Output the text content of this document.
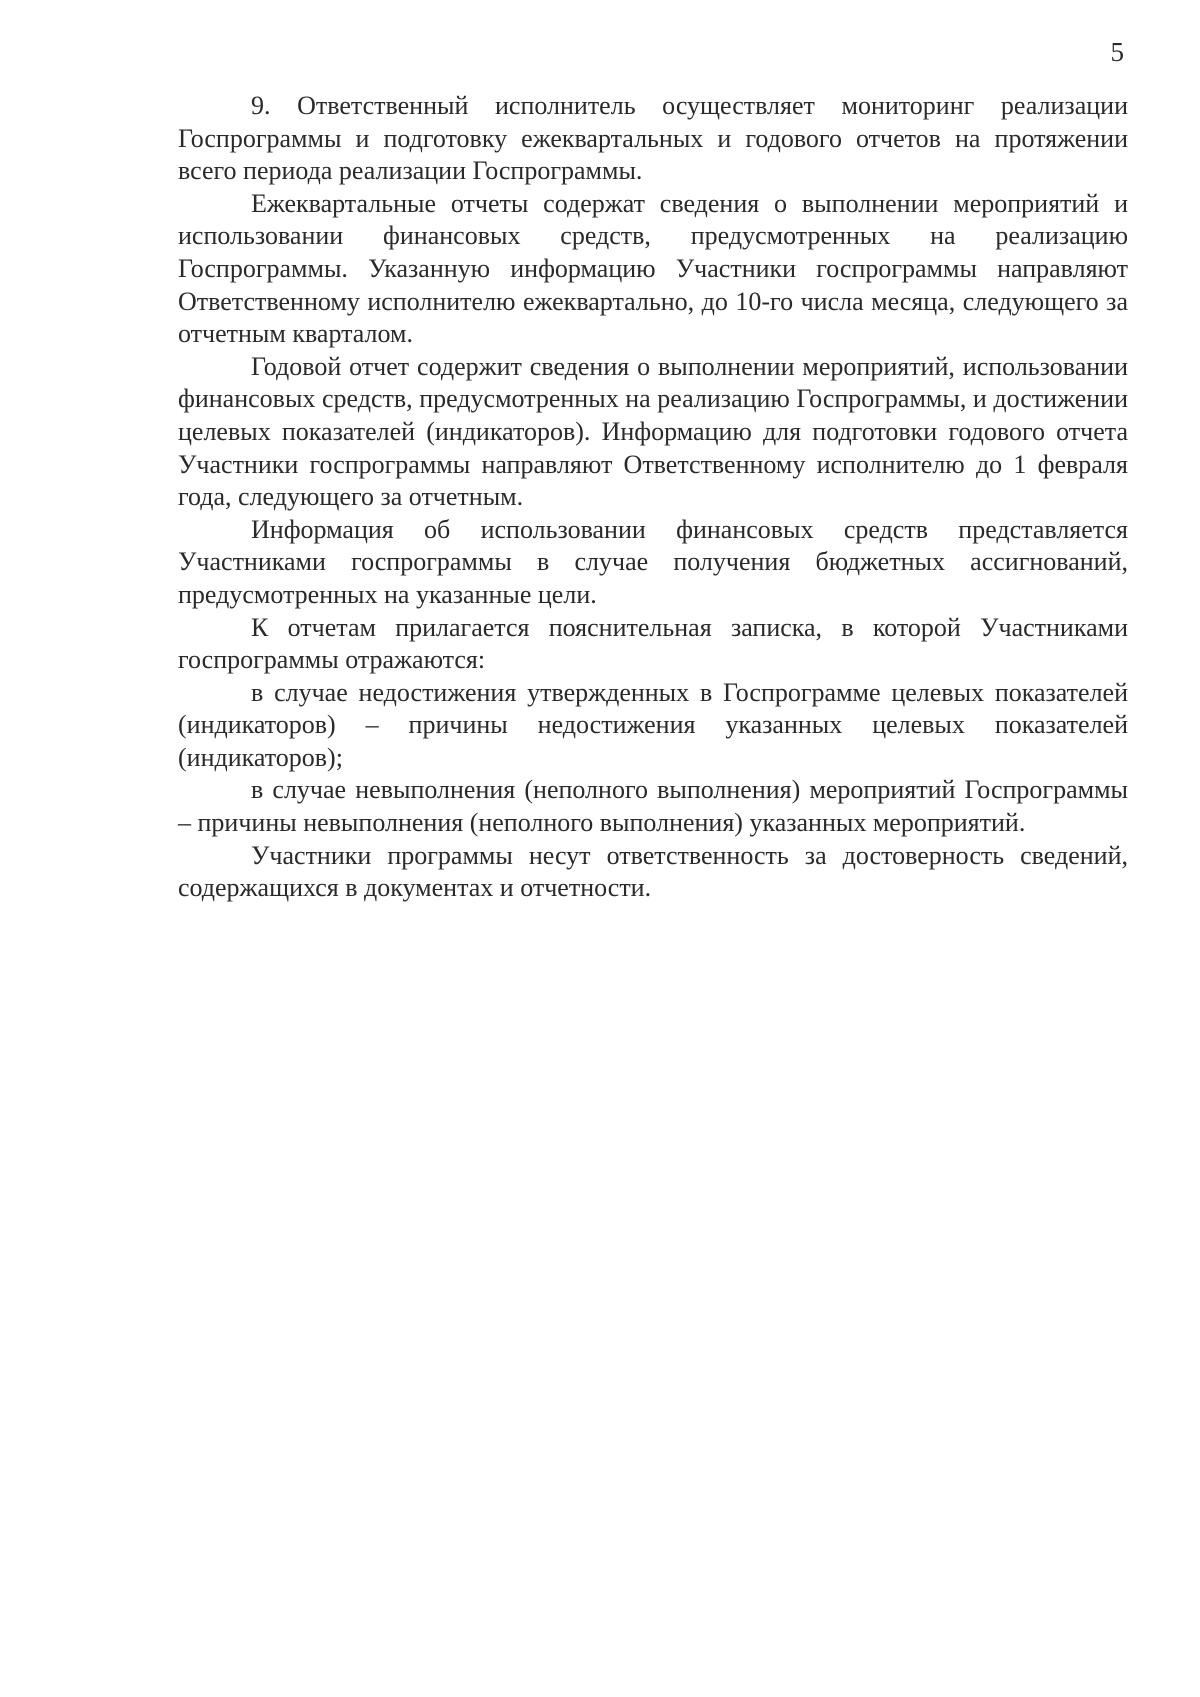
5

9. Ответственный исполнитель осуществляет мониторинг реализации Госпрограммы и подготовку ежеквартальных и годового отчетов на протяжении всего периода реализации Госпрограммы.

Ежеквартальные отчеты содержат сведения о выполнении мероприятий и использовании финансовых средств, предусмотренных на реализацию Госпрограммы. Указанную информацию Участники госпрограммы направляют Ответственному исполнителю ежеквартально, до 10-го числа месяца, следующего за отчетным кварталом.

Годовой отчет содержит сведения о выполнении мероприятий, использовании финансовых средств, предусмотренных на реализацию Госпрограммы, и достижении целевых показателей (индикаторов). Информацию для подготовки годового отчета Участники госпрограммы направляют Ответственному исполнителю до 1 февраля года, следующего за отчетным.

Информация об использовании финансовых средств представляется Участниками госпрограммы в случае получения бюджетных ассигнований, предусмотренных на указанные цели.

К отчетам прилагается пояснительная записка, в которой Участниками госпрограммы отражаются:

в случае недостижения утвержденных в Госпрограмме целевых показателей (индикаторов) – причины недостижения указанных целевых показателей (индикаторов);

в случае невыполнения (неполного выполнения) мероприятий Госпрограммы – причины невыполнения (неполного выполнения) указанных мероприятий.

Участники программы несут ответственность за достоверность сведений, содержащихся в документах и отчетности.
